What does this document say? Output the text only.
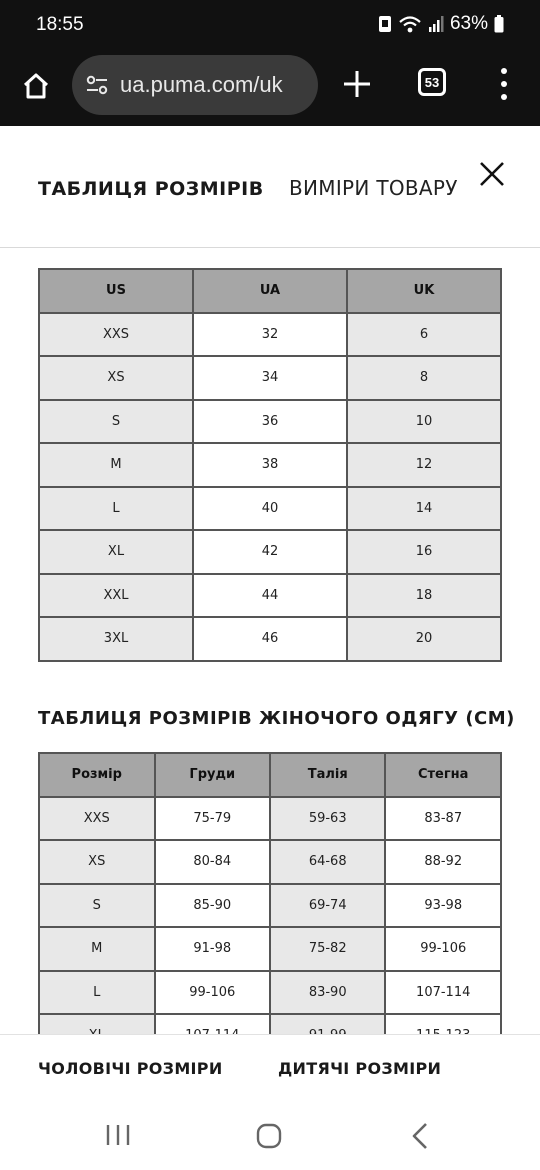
18:55	63%
ua.puma.com/uk	53
ТАБЛИЦЯ РОЗМІРІВ ВИМІРИ ТОВАРУ
US	UA	UK
XXS	32	6
XS	34	8
S	36	10
M	38	12
L	40	14
XL	42	16
XXL	44	18
3XL	46	20
ТАБЛИЦЯ РОЗМІРІВ ЖІНОЧОГО ОДЯГУ (СМ)
Розмір	Груди	Талія	Стегна
XXS	75-79	59-63	83-87
XS	80-84	64-68	88-92
S	85-90	69-74	93-98
M	91-98	75-82	99-106
L	99-106	83-90	107-114

ЧОЛОВІЧІ РОЗМІРИ	ДИТЯЧІ РОЗМІРИ
